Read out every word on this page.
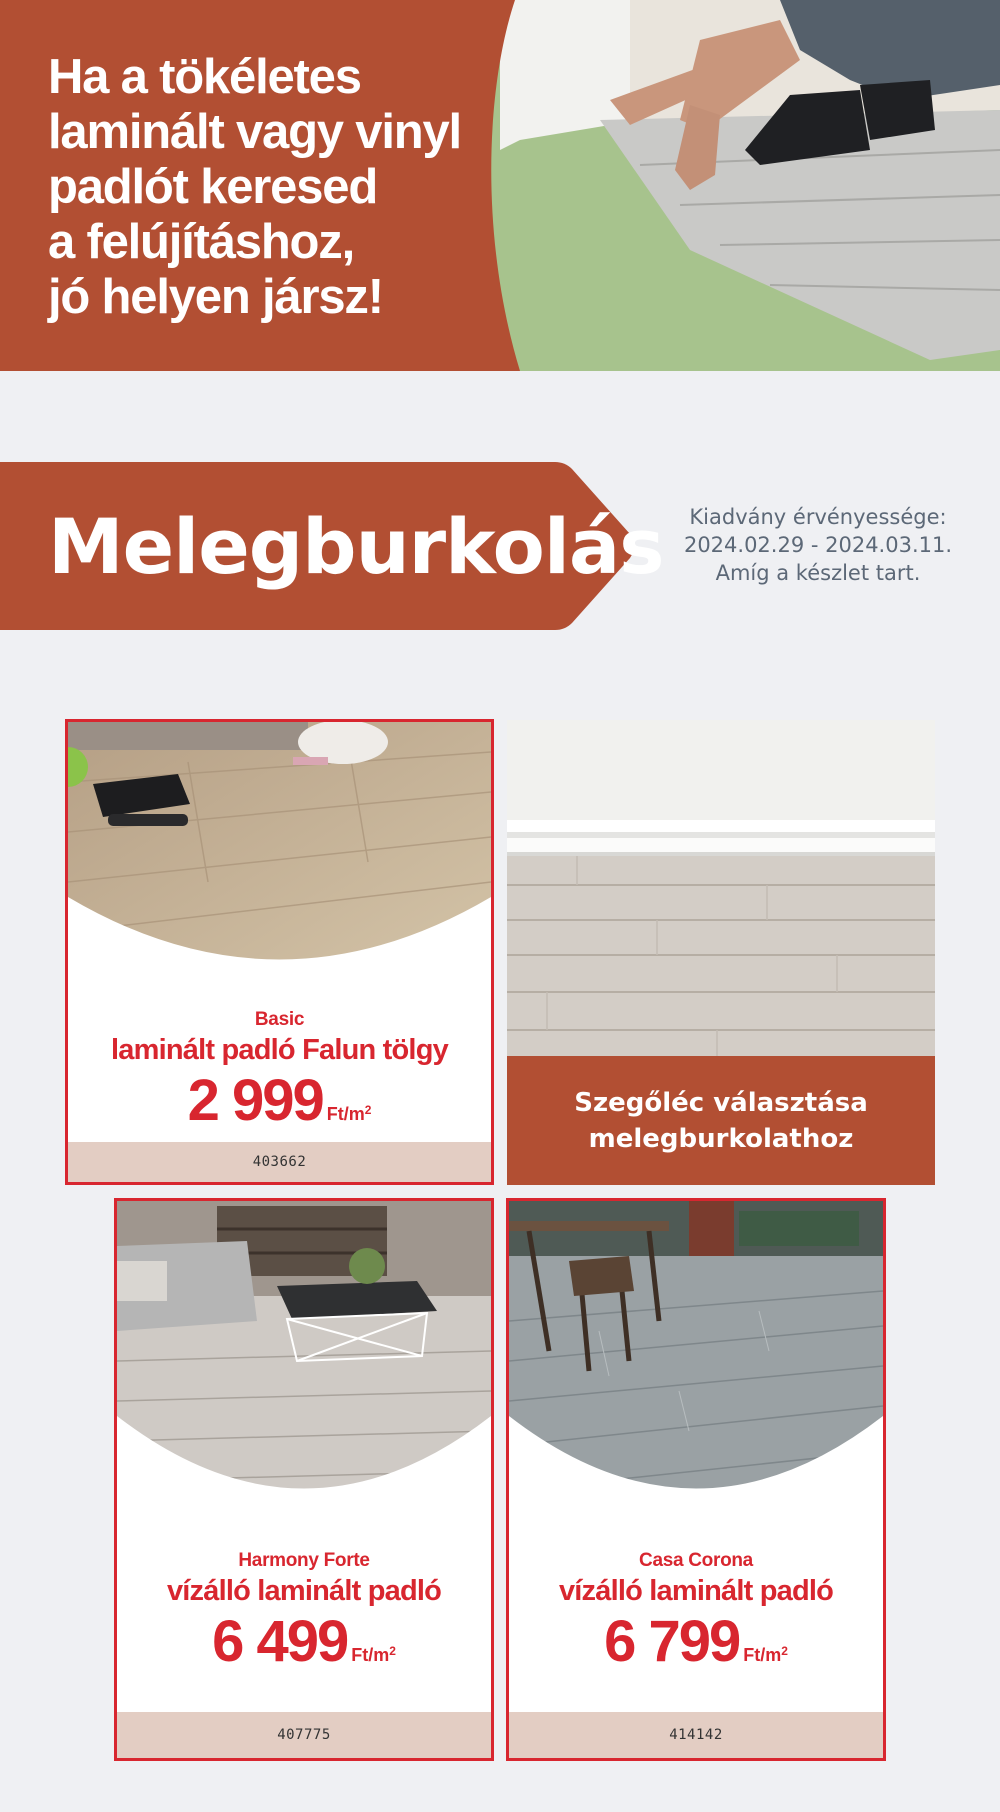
Ha a tökéletes
laminált vagy vinyl
padlót keresed
a felújításhoz,
jó helyen jársz!
Melegburkolás	Kiadvány érvényessége:
2024.02.29 - 2024.03.11.
Amíg a készlet tart.
Basic
laminált padló Falun tölgy
2 999 $Ft/m^2$
403662
Szegőléc választása
melegburkolathoz
Harmony Forte
vízálló laminált padló
6 499 $Ft/m^2$
407775
Casa Corona
vízálló laminált padló
6 799 $Ft/m^2$
414142
